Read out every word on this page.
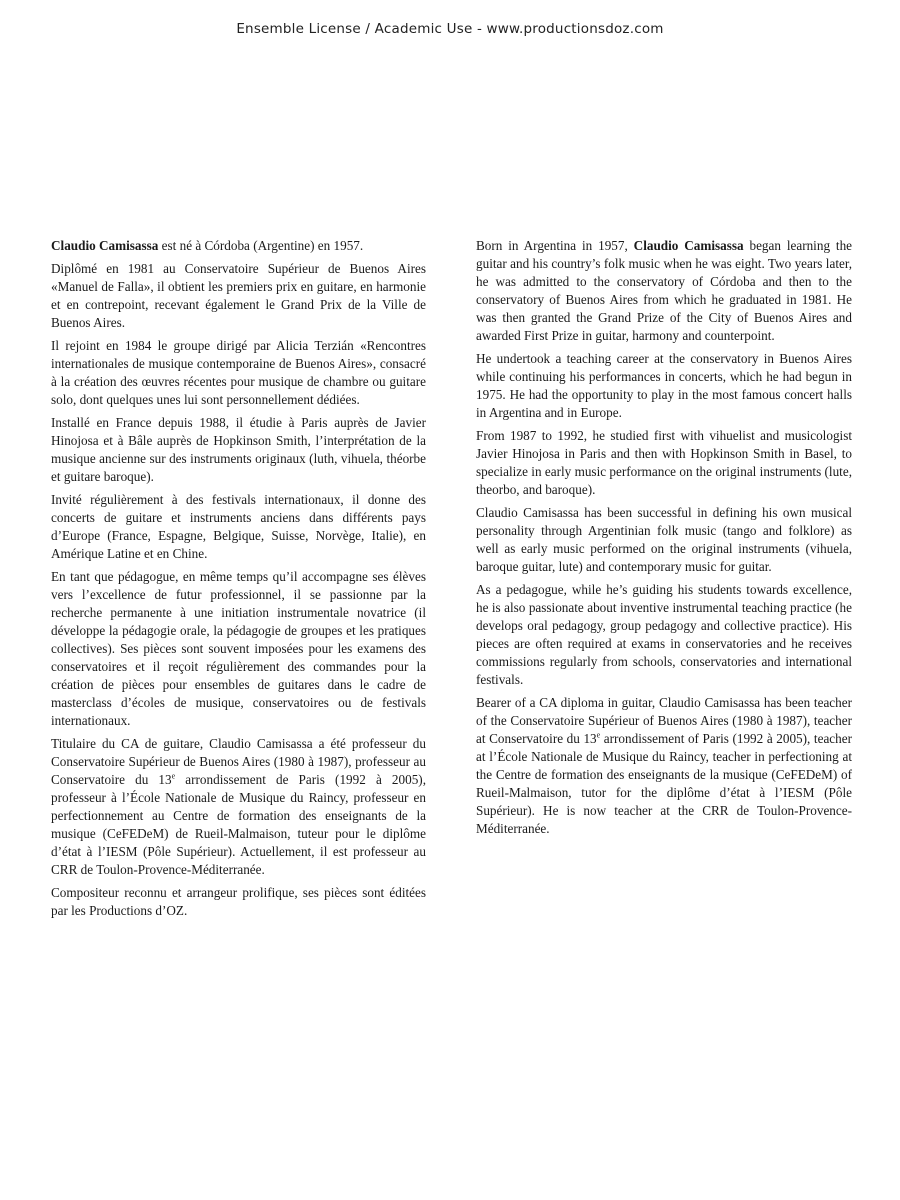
Ensemble License / Academic Use - www.productionsdoz.com

Claudio Camisassa est né à Córdoba (Argentine) en 1957.

Diplômé en 1981 au Conservatoire Supérieur de Buenos Aires «Manuel de Falla», il obtient les premiers prix en guitare, en harmonie et en contrepoint, recevant également le Grand Prix de la Ville de Buenos Aires.

Il rejoint en 1984 le groupe dirigé par Alicia Terzián «Rencontres internationales de musique contemporaine de Buenos Aires», consacré à la création des œuvres récentes pour musique de chambre ou guitare solo, dont quelques unes lui sont personnellement dédiées.

Installé en France depuis 1988, il étudie à Paris auprès de Javier Hinojosa et à Bâle auprès de Hopkinson Smith, l’interprétation de la musique ancienne sur des instruments originaux (luth, vihuela, théorbe et guitare baroque).

Invité régulièrement à des festivals internationaux, il donne des concerts de guitare et instruments anciens dans différents pays d’Europe (France, Espagne, Belgique, Suisse, Norvège, Italie), en Amérique Latine et en Chine.

En tant que pédagogue, en même temps qu’il accompagne ses élèves vers l’excellence de futur professionnel, il se passionne par la recherche permanente à une initiation instrumentale novatrice (il développe la pédagogie orale, la pédagogie de groupes et les pratiques collectives). Ses pièces sont souvent imposées pour les examens des conservatoires et il reçoit régulièrement des commandes pour la création de pièces pour ensembles de guitares dans le cadre de masterclass d’écoles de musique, conservatoires ou de festivals internationaux.

Titulaire du CA de guitare, Claudio Camisassa a été professeur du Conservatoire Supérieur de Buenos Aires (1980 à 1987), professeur au Conservatoire du 13e arrondissement de Paris (1992 à 2005), professeur à l’École Nationale de Musique du Raincy, professeur en perfectionnement au Centre de formation des enseignants de la musique (CeFEDeM) de Rueil-Malmaison, tuteur pour le diplôme d’état à l’IESM (Pôle Supérieur). Actuellement, il est professeur au CRR de Toulon-Provence-Méditerranée.

Compositeur reconnu et arrangeur prolifique, ses pièces sont éditées par les Productions d’OZ.

Born in Argentina in 1957, Claudio Camisassa began learning the guitar and his country’s folk music when he was eight. Two years later, he was admitted to the conservatory of Córdoba and then to the conservatory of Buenos Aires from which he graduated in 1981. He was then granted the Grand Prize of the City of Buenos Aires and awarded First Prize in guitar, harmony and counterpoint.

He undertook a teaching career at the conservatory in Buenos Aires while continuing his performances in concerts, which he had begun in 1975. He had the opportunity to play in the most famous concert halls in Argentina and in Europe.

From 1987 to 1992, he studied first with vihuelist and musicologist Javier Hinojosa in Paris and then with Hopkinson Smith in Basel, to specialize in early music performance on the original instruments (lute, theorbo, and baroque).

Claudio Camisassa has been successful in defining his own musical personality through Argentinian folk music (tango and folklore) as well as early music performed on the original instruments (vihuela, baroque guitar, lute) and contemporary music for guitar.

As a pedagogue, while he’s guiding his students towards excellence, he is also passionate about inventive instrumental teaching practice (he develops oral pedagogy, group pedagogy and collective practice). His pieces are often required at exams in conservatories and he receives commissions regularly from schools, conservatories and international festivals.

Bearer of a CA diploma in guitar, Claudio Camisassa has been teacher of the Conservatoire Supérieur of Buenos Aires (1980 à 1987), teacher at Conservatoire du 13e arrondissement of Paris (1992 à 2005), teacher at l’École Nationale de Musique du Raincy, teacher in perfectioning at the Centre de formation des enseignants de la musique (CeFEDeM) of Rueil-Malmaison, tutor for the diplôme d’état à l’IESM (Pôle Supérieur). He is now teacher at the CRR de Toulon-Provence-Méditerranée.
